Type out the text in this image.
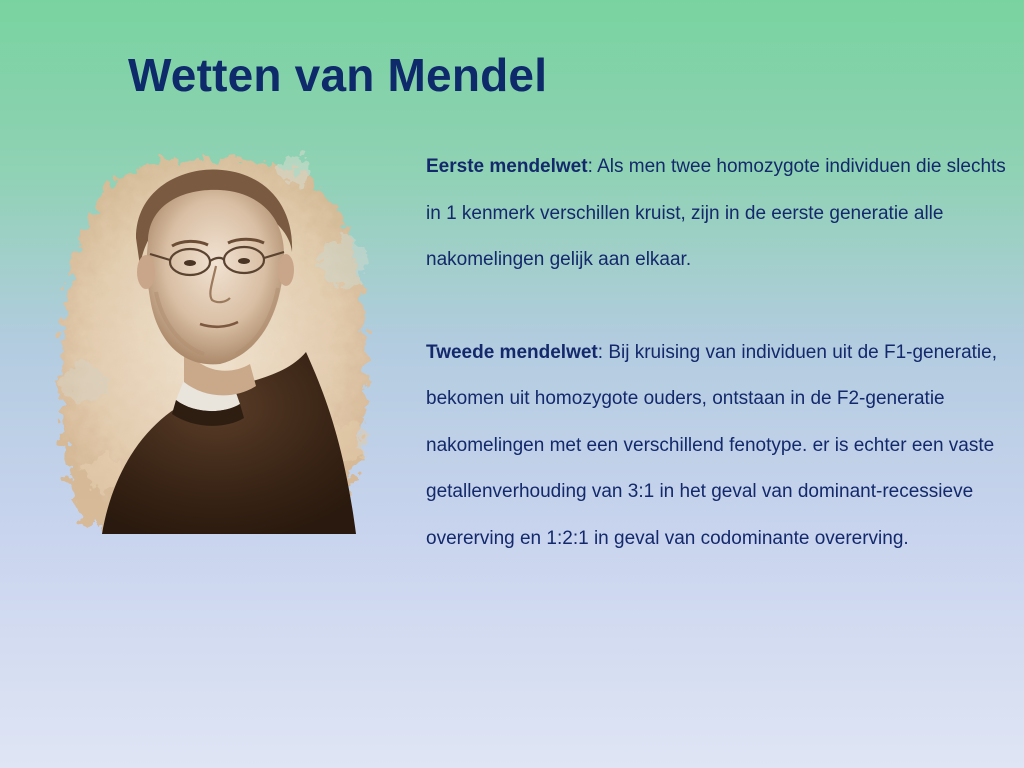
Wetten van Mendel

Eerste mendelwet: Als men twee homozygote individuen die slechts in 1 kenmerk verschillen kruist, zijn in de eerste generatie alle nakomelingen gelijk aan elkaar.

Tweede mendelwet: Bij kruising van individuen uit de F1-generatie, bekomen uit homozygote ouders, ontstaan in de F2-generatie nakomelingen met een verschillend fenotype. er is echter een vaste getallenverhouding van 3:1 in het geval van dominant-recessieve overerving en 1:2:1 in geval van codominante overerving.
